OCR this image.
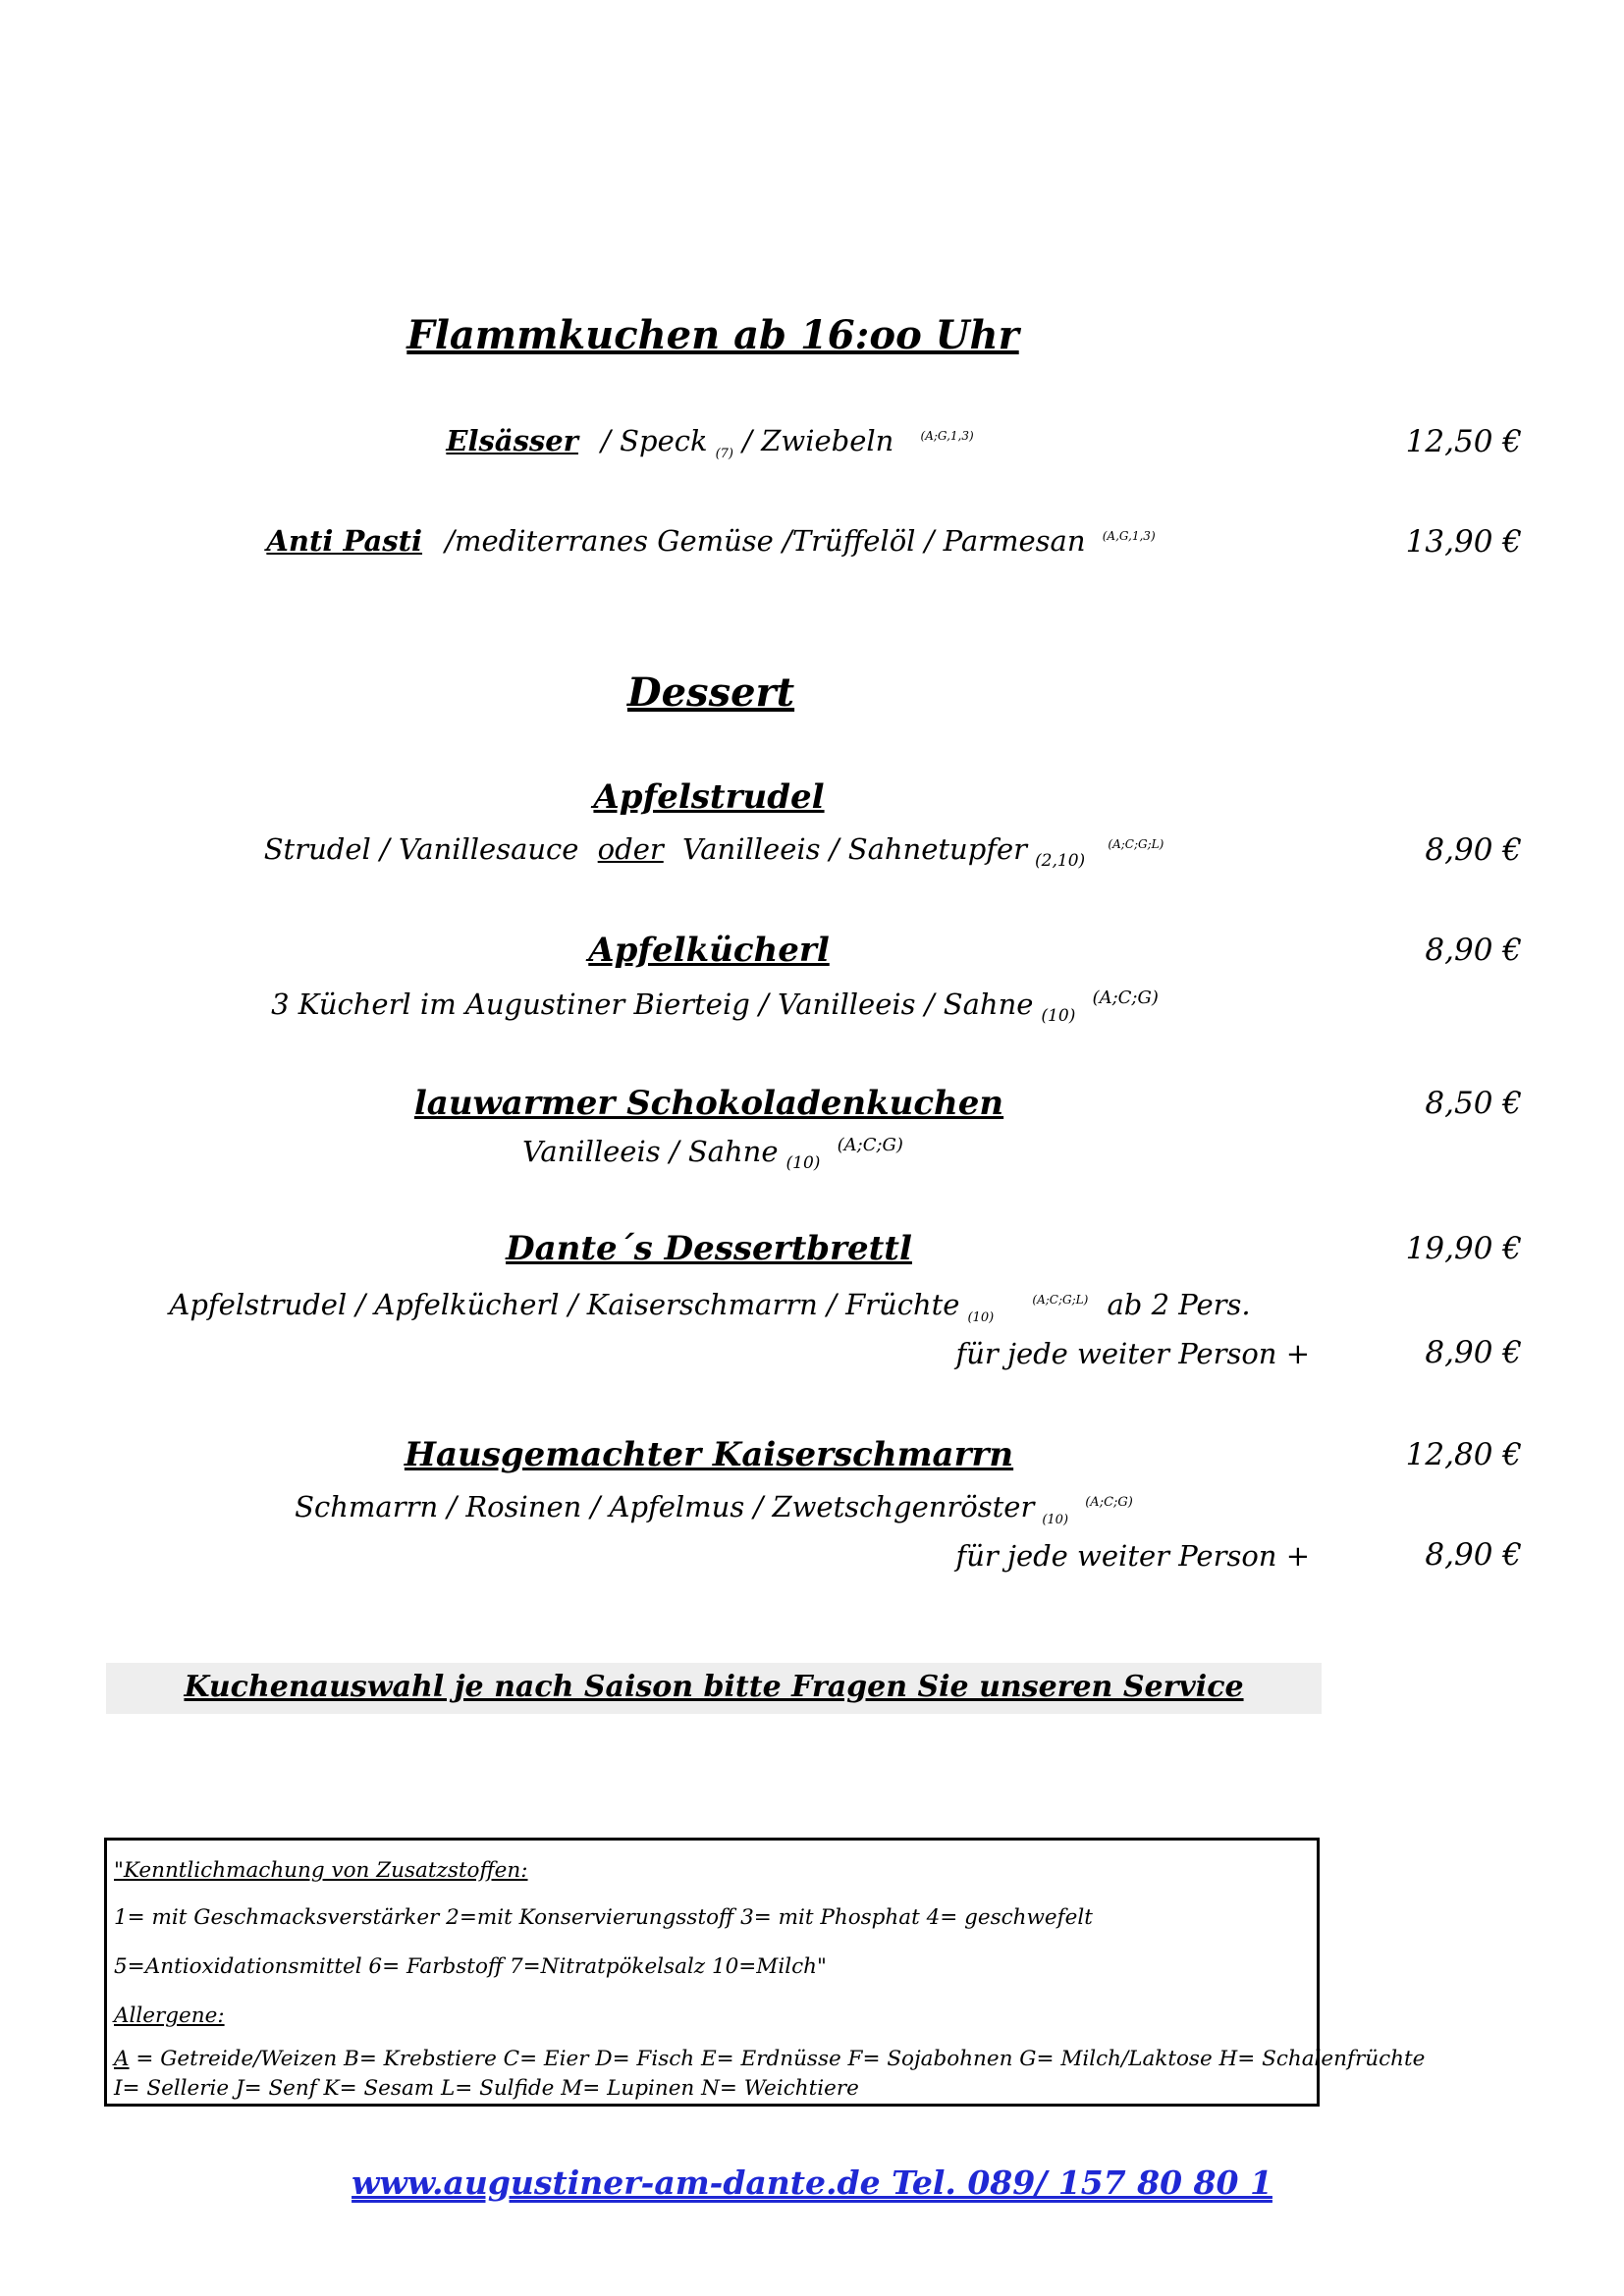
Flammkuchen ab 16:oo Uhr
Elsässer / Speck $_{(7)}$ / Zwiebeln $^{(A;G,1,3)}$	12,50 €
Anti Pasti /mediterranes Gemüse /Trüffelöl / Parmesan $^{(A,G,1,3)}$	13,90 €
Dessert
Apfelstrudel
Strudel / Vanillesauce oder Vanilleeis / Sahnetupfer $_{(2,10)}$ $^{(A;C;G;L)}$	8,90 €
Apfelkücherl	8,90 €
3 Kücherl im Augustiner Bierteig / Vanilleeis / Sahne $_{(10)}$ $^{(A;C;G)}$
lauwarmer Schokoladenkuchen	8,50 €
Vanilleeis / Sahne $_{(10)}$ $^{(A;C;G)}$
Dante´s Dessertbrettl	19,90 €
Apfelstrudel / Apfelkücherl / Kaiserschmarrn / Früchte $_{(10)}$ $^{(A;C;G;L)}$ ab 2 Pers.
für jede weiter Person +	8,90 €
Hausgemachter Kaiserschmarrn	12,80 €
Schmarrn / Rosinen / Apfelmus / Zwetschgenröster $_{(10)}$ $^{(A;C;G)}$
für jede weiter Person +	8,90 €
Kuchenauswahl je nach Saison bitte Fragen Sie unseren Service
"Kenntlichmachung von Zusatzstoffen:
1= mit Geschmacksverstärker 2=mit Konservierungsstoff 3= mit Phosphat 4= geschwefelt
5=Antioxidationsmittel 6= Farbstoff 7=Nitratpökelsalz 10=Milch"
Allergene:
A = Getreide/Weizen B= Krebstiere C= Eier D= Fisch E= Erdnüsse F= Sojabohnen G= Milch/Laktose H= Schalenfrüchte
I= Sellerie J= Senf K= Sesam L= Sulfide M= Lupinen N= Weichtiere
www.augustiner-am-dante.de Tel. 089/ 157 80 80 1
